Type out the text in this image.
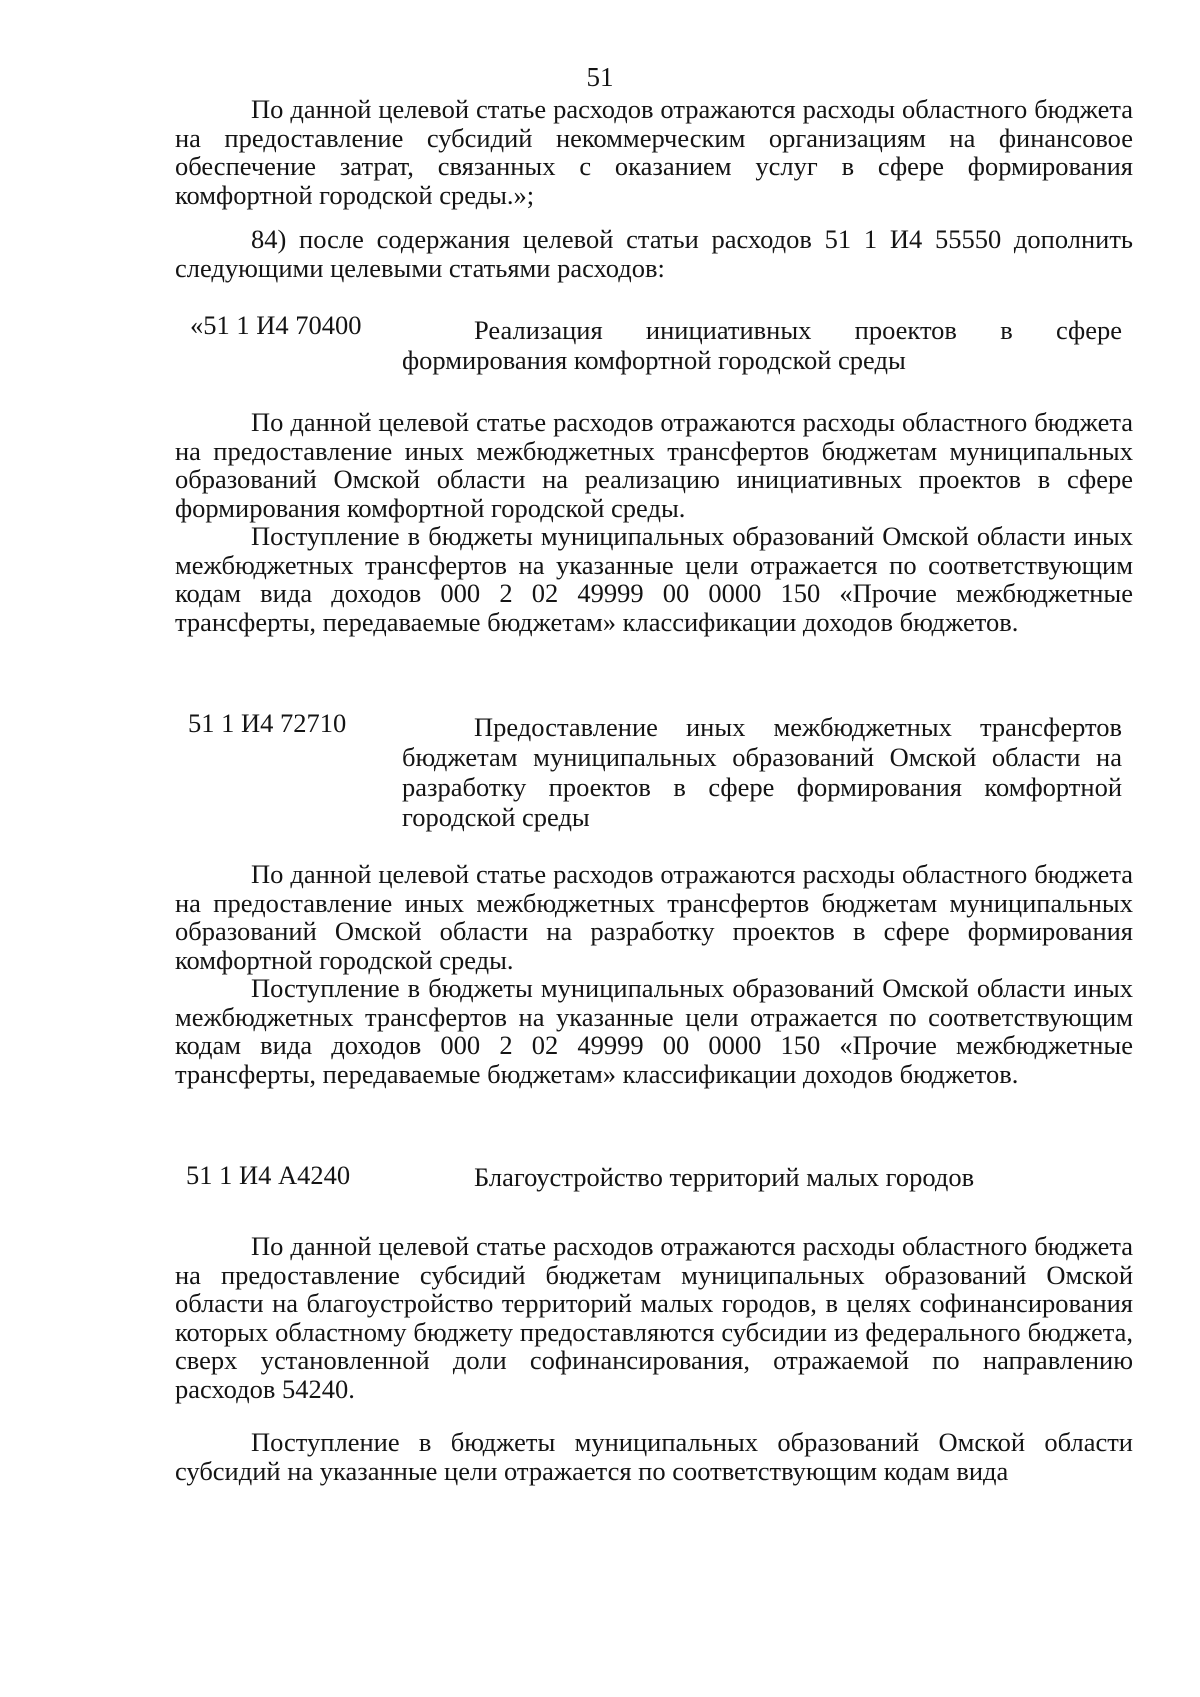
51

По данной целевой статье расходов отражаются расходы областного бюджета на предоставление субсидий некоммерческим организациям на финансовое обеспечение затрат, связанных с оказанием услуг в сфере формирования комфортной городской среды.»;

84) после содержания целевой статьи расходов 51 1 И4 55550 дополнить следующими целевыми статьями расходов:

«51 1 И4 70400	Реализация инициативных проектов в сфере формирования комфортной городской среды

По данной целевой статье расходов отражаются расходы областного бюджета на предоставление иных межбюджетных трансфертов бюджетам муниципальных образований Омской области на реализацию инициативных проектов в сфере формирования комфортной городской среды.

Поступление в бюджеты муниципальных образований Омской области иных межбюджетных трансфертов на указанные цели отражается по соответствующим кодам вида доходов 000 2 02 49999 00 0000 150 «Прочие межбюджетные трансферты, передаваемые бюджетам» классификации доходов бюджетов.

51 1 И4 72710	Предоставление иных межбюджетных трансфертов бюджетам муниципальных образований Омской области на разработку проектов в сфере формирования комфортной городской среды

По данной целевой статье расходов отражаются расходы областного бюджета на предоставление иных межбюджетных трансфертов бюджетам муниципальных образований Омской области на разработку проектов в сфере формирования комфортной городской среды.

Поступление в бюджеты муниципальных образований Омской области иных межбюджетных трансфертов на указанные цели отражается по соответствующим кодам вида доходов 000 2 02 49999 00 0000 150 «Прочие межбюджетные трансферты, передаваемые бюджетам» классификации доходов бюджетов.

51 1 И4 А4240	Благоустройство территорий малых городов

По данной целевой статье расходов отражаются расходы областного бюджета на предоставление субсидий бюджетам муниципальных образований Омской области на благоустройство территорий малых городов, в целях софинансирования которых областному бюджету предоставляются субсидии из федерального бюджета, сверх установленной доли софинансирования, отражаемой по направлению расходов 54240.

Поступление в бюджеты муниципальных образований Омской области субсидий на указанные цели отражается по соответствующим кодам вида
